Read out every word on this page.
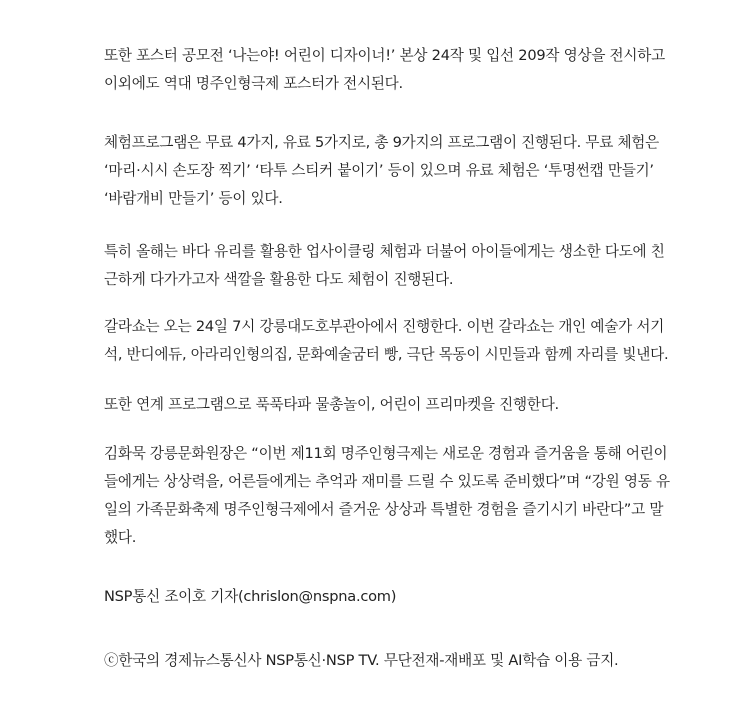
또한 포스터 공모전 ‘나는야! 어린이 디자이너!’ 본상 24작 및 입선 209작 영상을 전시하고
이외에도 역대 명주인형극제 포스터가 전시된다.

체험프로그램은 무료 4가지, 유료 5가지로, 총 9가지의 프로그램이 진행된다. 무료 체험은
‘마리·시시 손도장 찍기’ ‘타투 스티커 붙이기’ 등이 있으며 유료 체험은 ‘투명썬캡 만들기’
‘바람개비 만들기’ 등이 있다.

특히 올해는 바다 유리를 활용한 업사이클링 체험과 더불어 아이들에게는 생소한 다도에 친
근하게 다가가고자 색깔을 활용한 다도 체험이 진행된다.

갈라쇼는 오는 24일 7시 강릉대도호부관아에서 진행한다. 이번 갈라쇼는 개인 예술가 서기
석, 반디에듀, 아라리인형의집, 문화예술굼터 빵, 극단 목동이 시민들과 함께 자리를 빛낸다.

또한 연계 프로그램으로 푹푹타파 물총놀이, 어린이 프리마켓을 진행한다.

김화묵 강릉문화원장은 “이번 제11회 명주인형극제는 새로운 경험과 즐거움을 통해 어린이
들에게는 상상력을, 어른들에게는 추억과 재미를 드릴 수 있도록 준비했다”며 “강원 영동 유
일의 가족문화축제 명주인형극제에서 즐거운 상상과 특별한 경험을 즐기시기 바란다”고 말
했다.

NSP통신 조이호 기자(chrislon@nspna.com)

ⓒ한국의 경제뉴스통신사 NSP통신·NSP TV. 무단전재-재배포 및 AI학습 이용 금지.
